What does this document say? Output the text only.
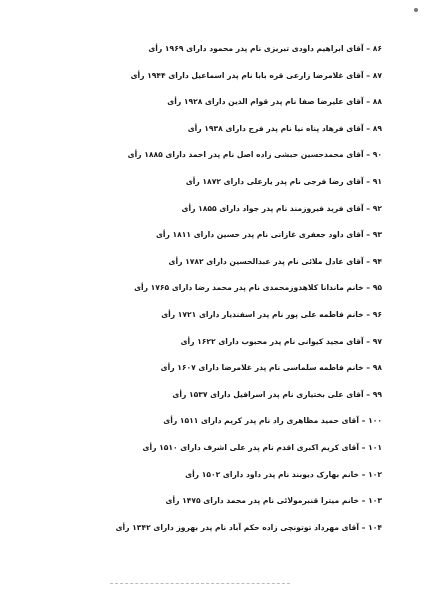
۸۶ – آقای ابراهیم داودی تبریزی نام پدر محمود دارای ۱۹۶۹ رأی
۸۷ – آقای غلامرضا زارعی قره بابا نام پدر اسماعیل دارای ۱۹۴۴ رأی
۸۸ – آقای علیرضا صفا نام پدر قوام الدین دارای ۱۹۲۸ رأی
۸۹ – آقای فرهاد پناه نیا نام پدر فرج دارای ۱۹۳۸ رأی
۹۰ – آقای محمدحسین حبشی زاده اصل نام پدر احمد دارای ۱۸۸۵ رأی
۹۱ – آقای رضا فرجی نام پدر یارعلی دارای ۱۸۷۲ رأی
۹۲ – آقای فرید فیروزمند نام پدر جواد دارای ۱۸۵۵ رأی
۹۳ – آقای داود جعفری غازانی نام پدر حسین دارای ۱۸۱۱ رأی
۹۴ – آقای عادل ملائی نام پدر عبدالحسین دارای ۱۷۸۲ رأی
۹۵ – خانم ماندانا کلاهدوزمحمدی نام پدر محمد رضا دارای ۱۷۶۵ رأی
۹۶ – خانم فاطمه علی پور نام پدر اسفندیار دارای ۱۷۲۱ رأی
۹۷ – آقای مجید کیوانی نام پدر محبوب دارای ۱۶۲۲ رأی
۹۸ – خانم فاطمه سلماسی نام پدر غلامرضا دارای ۱۶۰۷ رأی
۹۹ – آقای علی بختیاری نام پدر اسرافیل دارای ۱۵۳۷ رأی
۱۰۰ – آقای حمید مظاهری راد نام پدر کریم دارای ۱۵۱۱ رأی
۱۰۱ – آقای کریم اکبری اقدم نام پدر علی اشرف دارای ۱۵۱۰ رأی
۱۰۲ – خانم بهارک دیوبند نام پدر داود دارای ۱۵۰۲ رأی
۱۰۳ – خانم میترا قنبرمولائی نام پدر محمد دارای ۱۴۷۵ رأی
۱۰۴ – آقای مهرداد توتونچی زاده حکم آباد نام پدر بهروز دارای ۱۳۴۲ رأی
